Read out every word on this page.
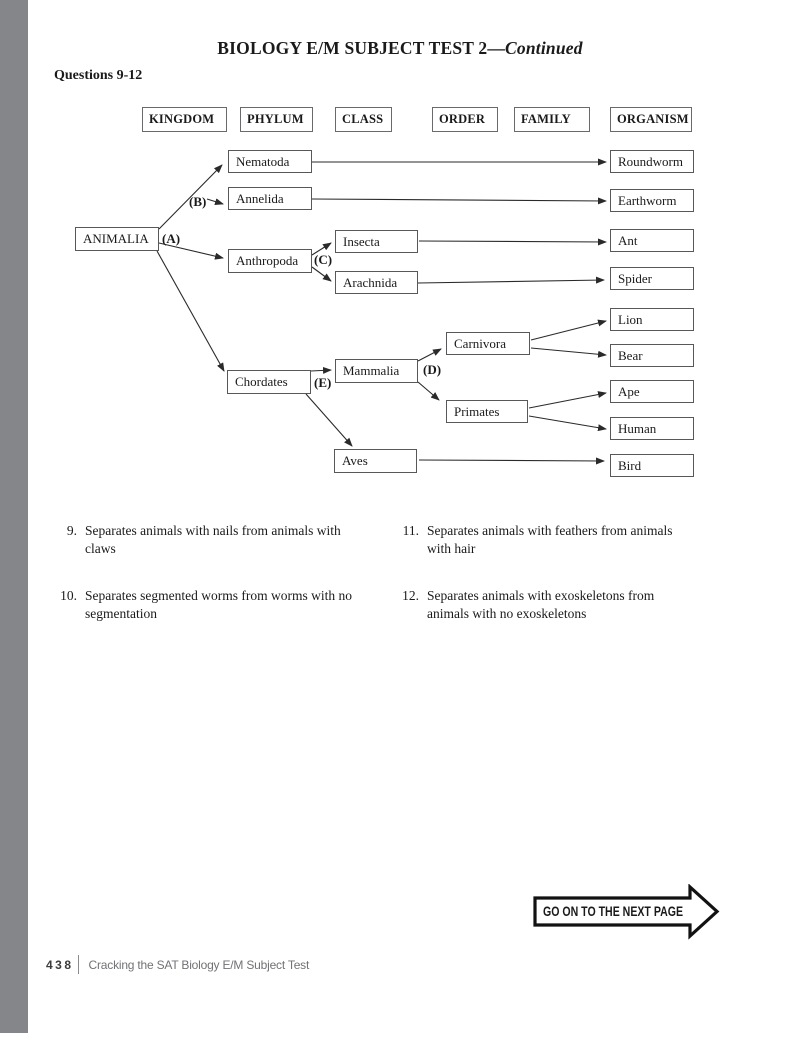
BIOLOGY E/M SUBJECT TEST 2—Continued
Questions 9-12
KINGDOM	PHYLUM	CLASS	ORDER	FAMILY	ORGANISM
ANIMALIA
Nematoda
Annelida
Anthropoda
Chordates
Insecta
Arachnida
Mammalia
Aves
Carnivora
Primates
Roundworm
Earthworm
Ant
Spider
Lion
Bear
Ape
Human
Bird
(A)
(B)
(C)
(D)
(E)
9. Separates animals with nails from animals with claws
10. Separates segmented worms from worms with no segmentation
11. Separates animals with feathers from animals with hair
12. Separates animals with exoskeletons from animals with no exoskeletons
GO ON TO THE NEXT PAGE
438 Cracking the SAT Biology E/M Subject Test
